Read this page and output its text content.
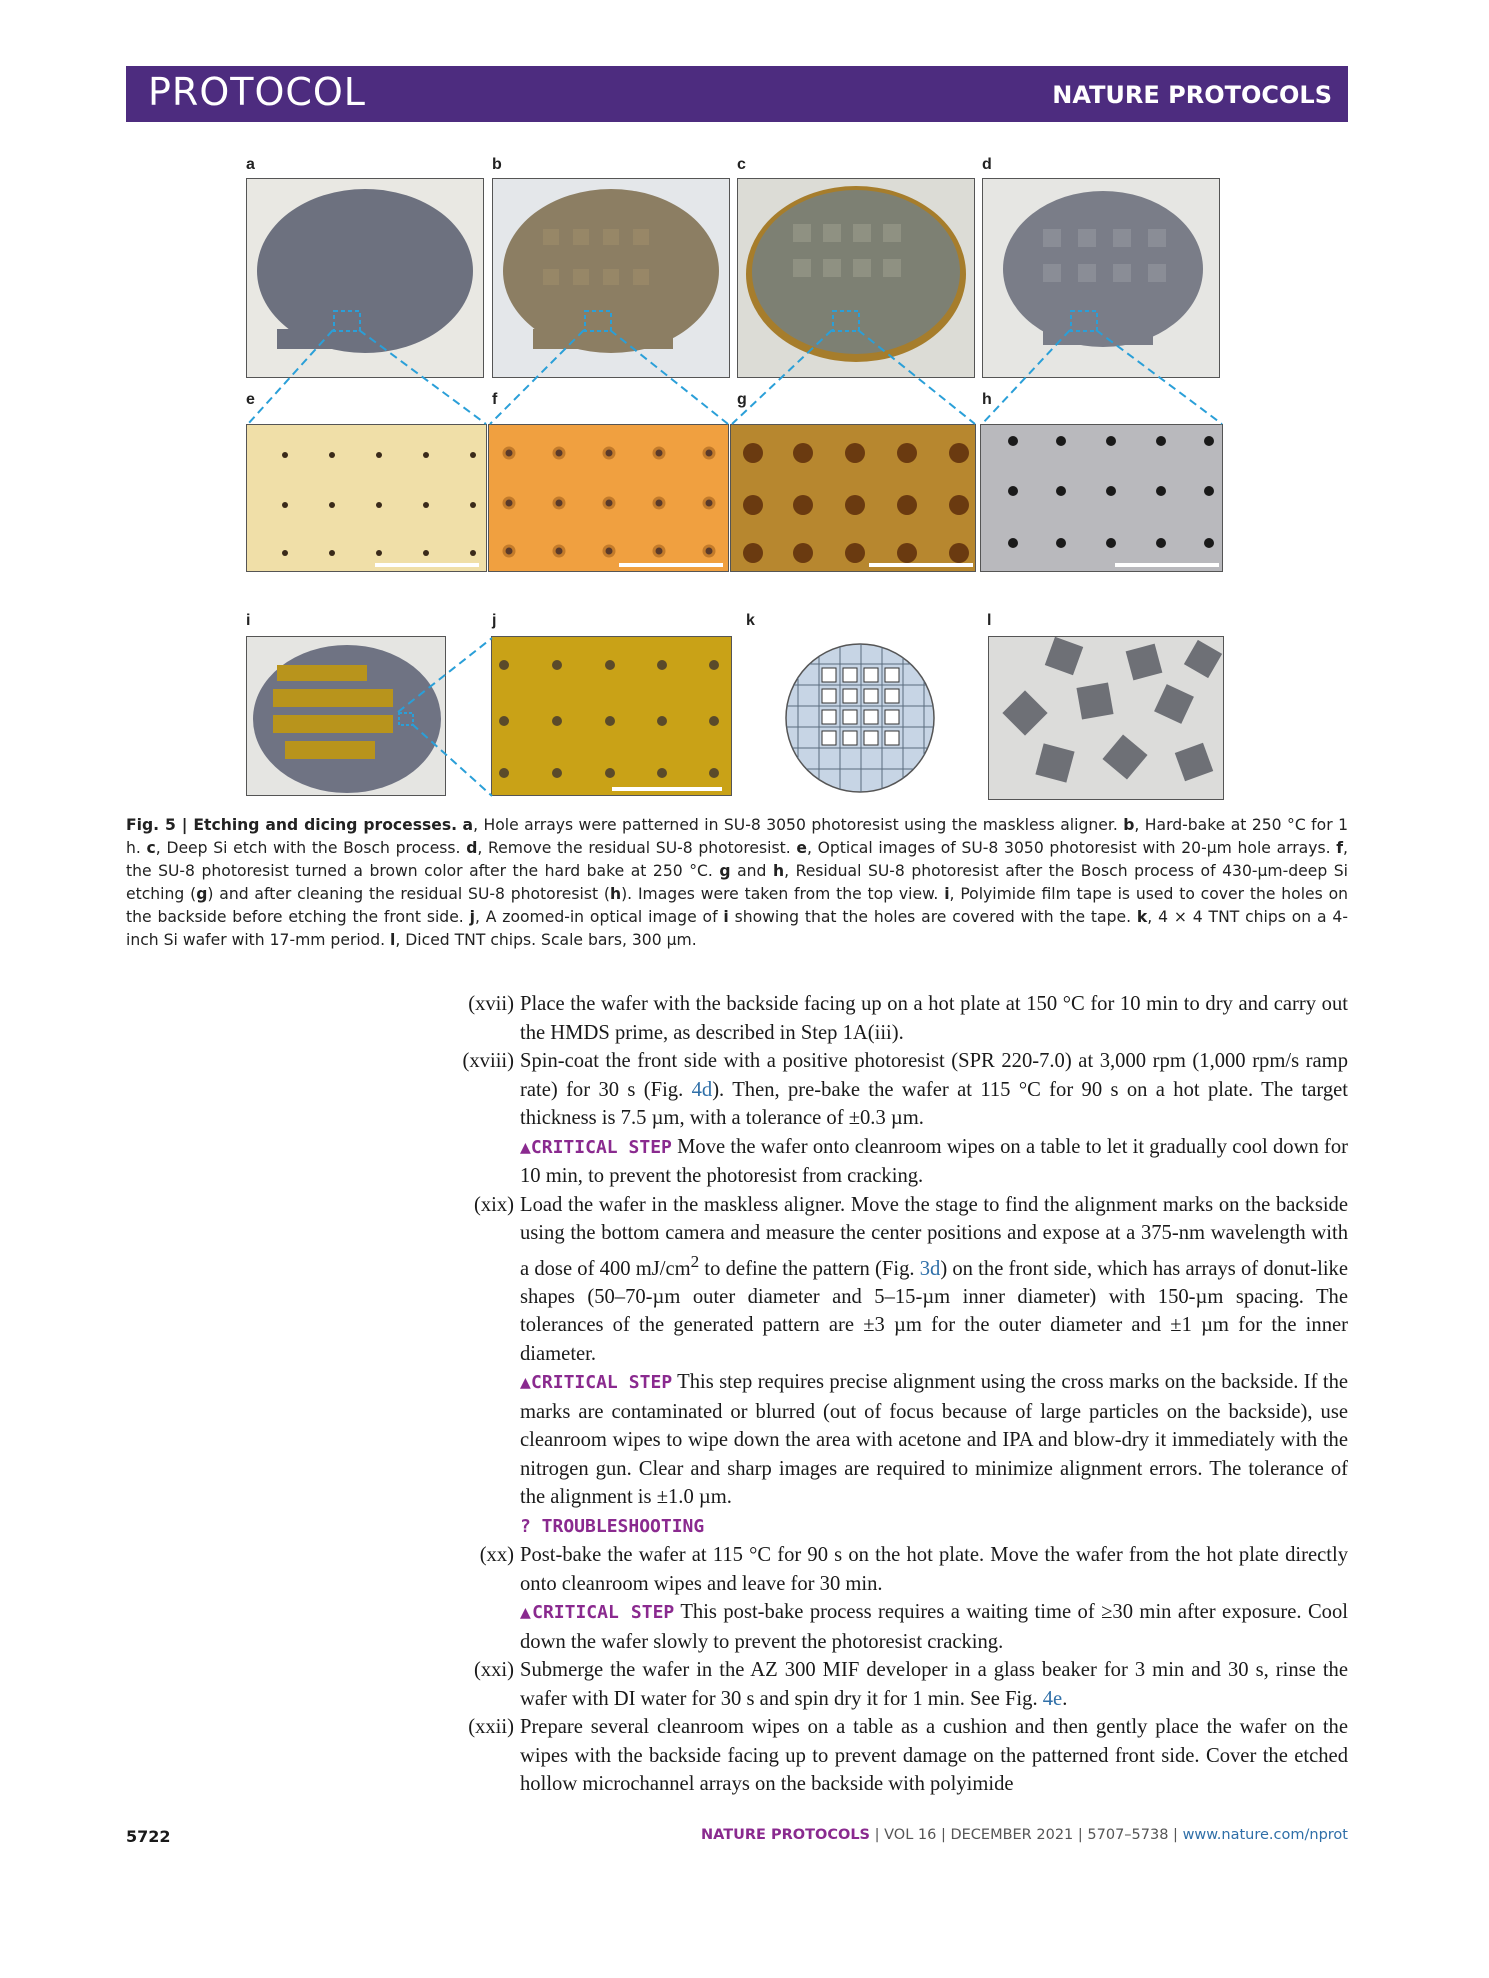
PROTOCOL	NATURE PROTOCOLS
a	b	c	d
e	f	g	h
i	j	k	l
Fig. 5 | Etching and dicing processes. a, Hole arrays were patterned in SU-8 3050 photoresist using the maskless aligner. b, Hard-bake at 250 °C for 1 h. c, Deep Si etch with the Bosch process. d, Remove the residual SU-8 photoresist. e, Optical images of SU-8 3050 photoresist with 20-µm hole arrays. f, the SU-8 photoresist turned a brown color after the hard bake at 250 °C. g and h, Residual SU-8 photoresist after the Bosch process of 430-µm-deep Si etching (g) and after cleaning the residual SU-8 photoresist (h). Images were taken from the top view. i, Polyimide film tape is used to cover the holes on the backside before etching the front side. j, A zoomed-in optical image of i showing that the holes are covered with the tape. k, 4 × 4 TNT chips on a 4-inch Si wafer with 17-mm period. l, Diced TNT chips. Scale bars, 300 µm.
(xvii) Place the wafer with the backside facing up on a hot plate at 150 °C for 10 min to dry and carry out the HMDS prime, as described in Step 1A(iii).

(xviii) Spin-coat the front side with a positive photoresist (SPR 220-7.0) at 3,000 rpm (1,000 rpm/s ramp rate) for 30 s (Fig. 4d). Then, pre-bake the wafer at 115 °C for 90 s on a hot plate. The target thickness is 7.5 µm, with a tolerance of ±0.3 µm.

▲CRITICAL STEP Move the wafer onto cleanroom wipes on a table to let it gradually cool down for 10 min, to prevent the photoresist from cracking.

(xix) Load the wafer in the maskless aligner. Move the stage to find the alignment marks on the backside using the bottom camera and measure the center positions and expose at a 375-nm wavelength with a dose of 400 $mJ/cm^2$ to define the pattern (Fig. 3d) on the front side, which has arrays of donut-like shapes (50–70-µm outer diameter and 5–15-µm inner diameter) with 150-µm spacing. The tolerances of the generated pattern are ±3 µm for the outer diameter and ±1 µm for the inner diameter.

▲CRITICAL STEP This step requires precise alignment using the cross marks on the backside. If the marks are contaminated or blurred (out of focus because of large particles on the backside), use cleanroom wipes to wipe down the area with acetone and IPA and blow-dry it immediately with the nitrogen gun. Clear and sharp images are required to minimize alignment errors. The tolerance of the alignment is ±1.0 µm.

? TROUBLESHOOTING

(xx) Post-bake the wafer at 115 °C for 90 s on the hot plate. Move the wafer from the hot plate directly onto cleanroom wipes and leave for 30 min.

▲CRITICAL STEP This post-bake process requires a waiting time of ≥30 min after exposure. Cool down the wafer slowly to prevent the photoresist cracking.

(xxi) Submerge the wafer in the AZ 300 MIF developer in a glass beaker for 3 min and 30 s, rinse the wafer with DI water for 30 s and spin dry it for 1 min. See Fig. 4e.

(xxii) Prepare several cleanroom wipes on a table as a cushion and then gently place the wafer on the wipes with the backside facing up to prevent damage on the patterned front side. Cover the etched hollow microchannel arrays on the backside with polyimide

5722	NATURE PROTOCOLS | VOL 16 | DECEMBER 2021 | 5707–5738 | www.nature.com/nprot
